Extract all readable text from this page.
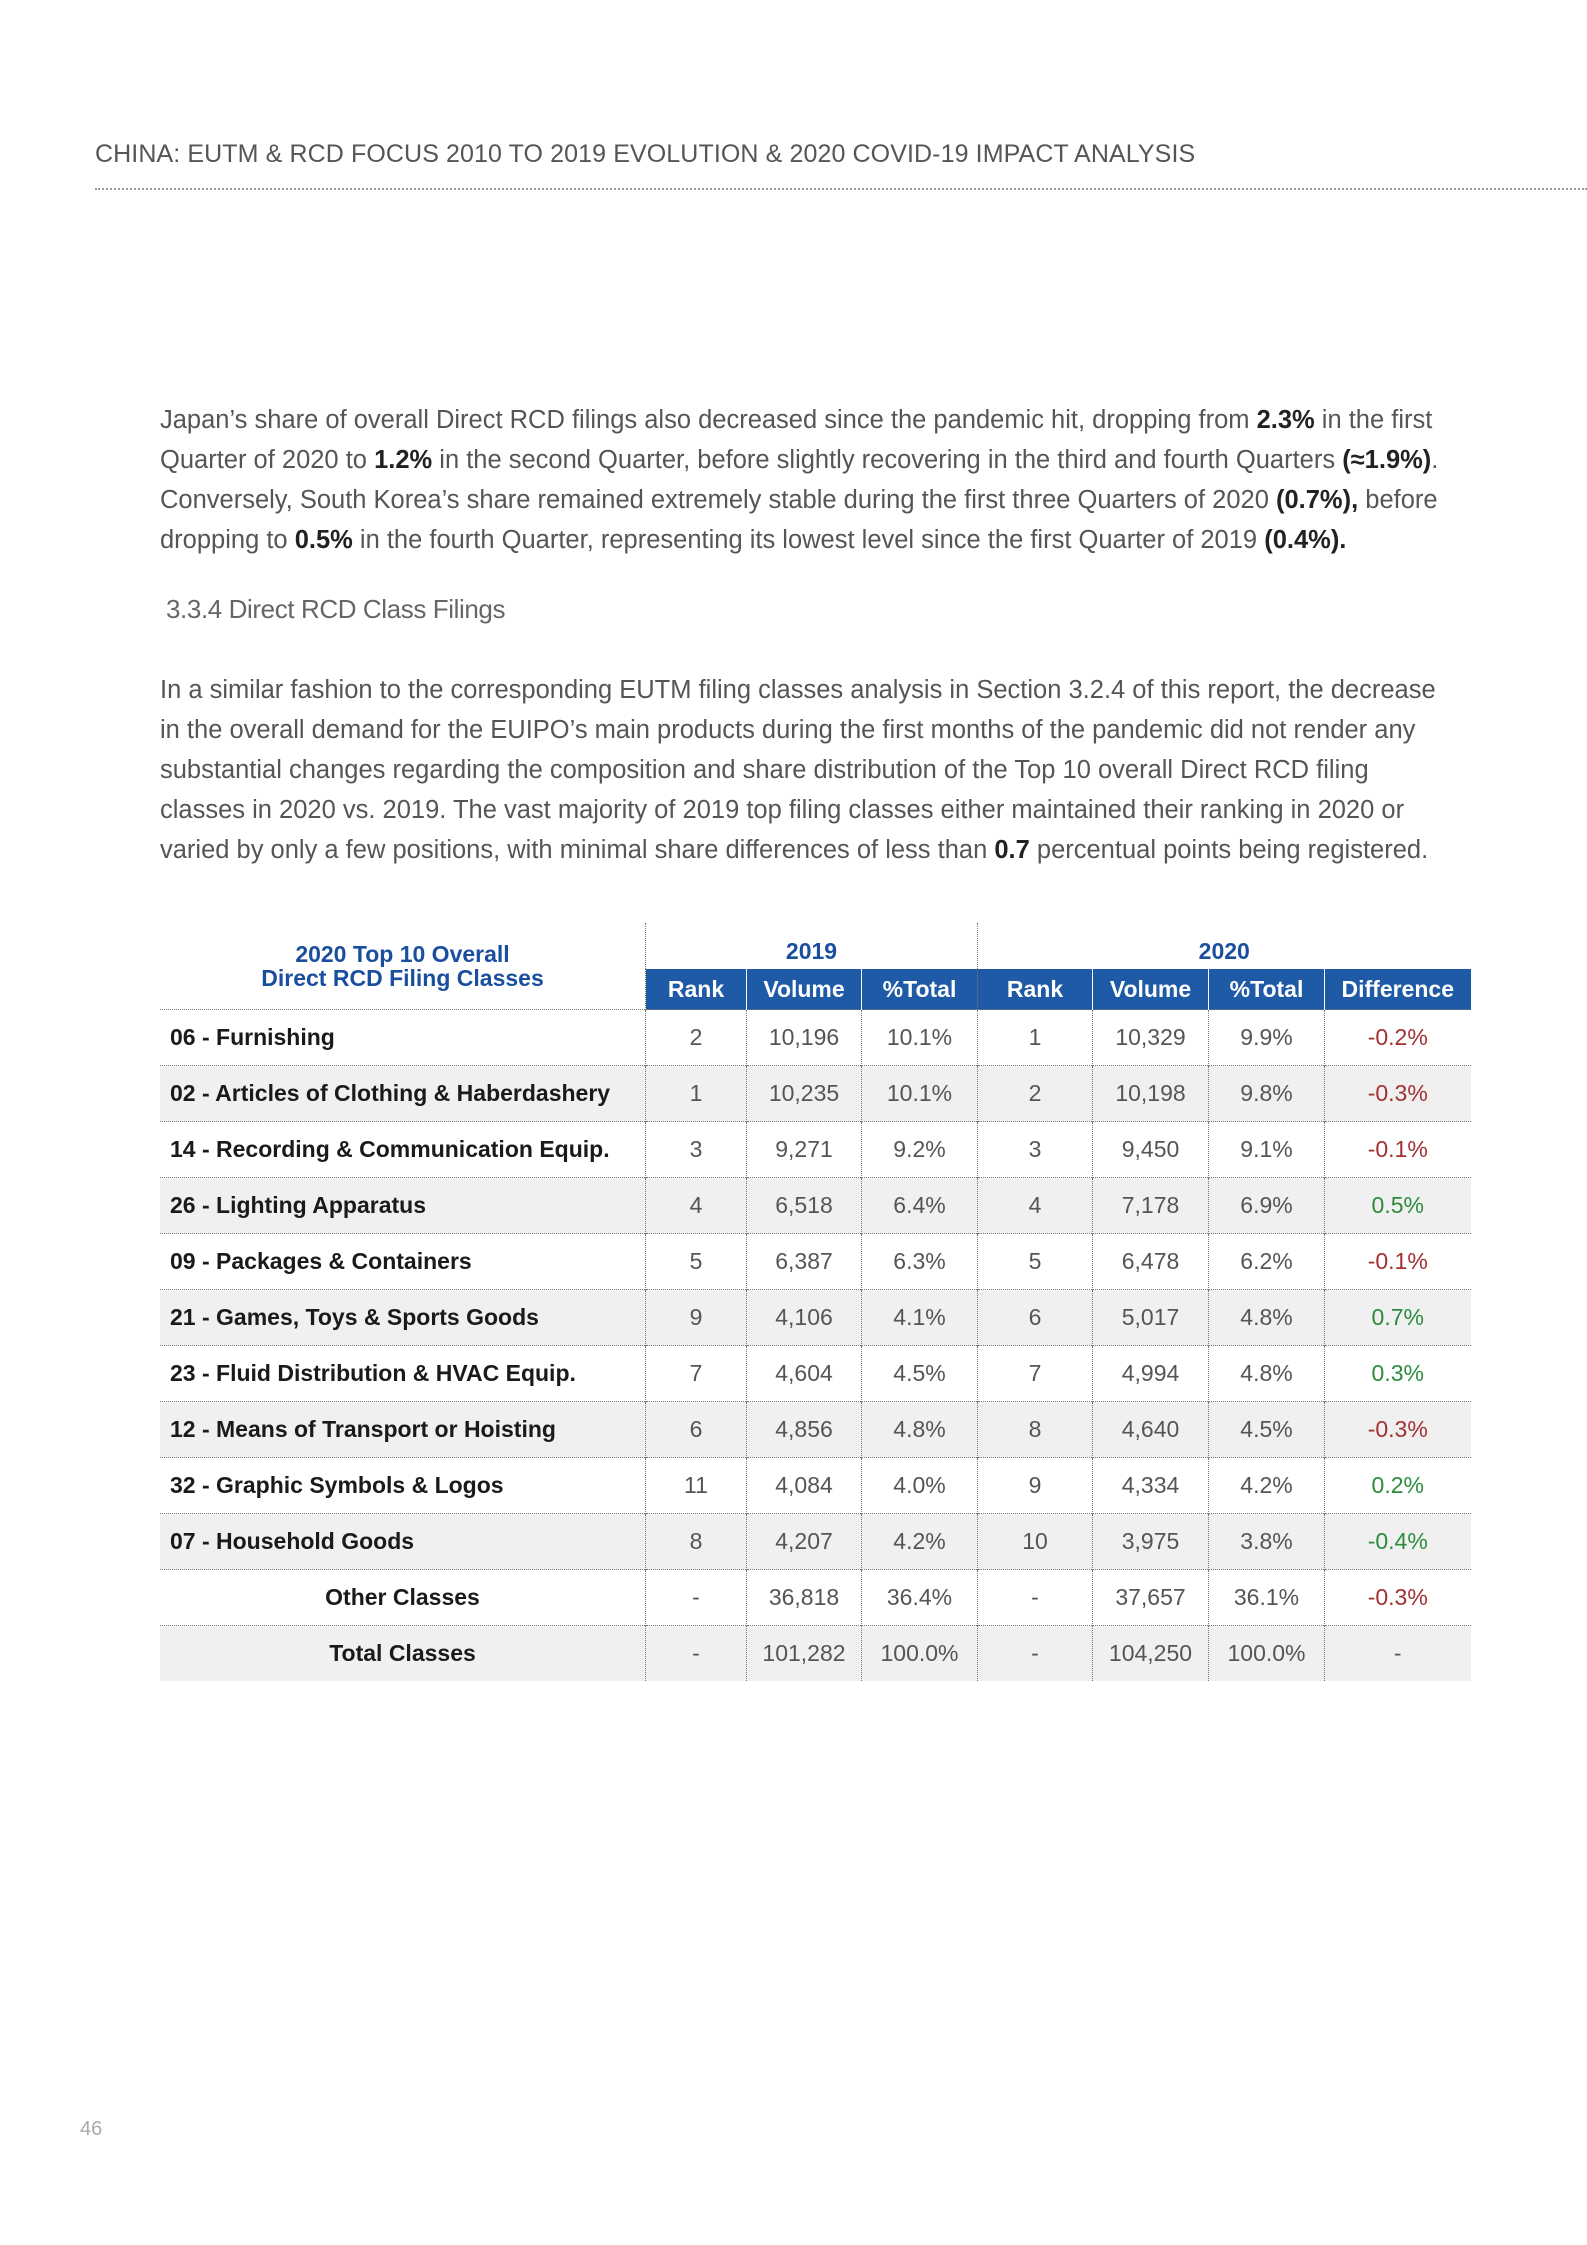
CHINA: EUTM & RCD FOCUS 2010 TO 2019 EVOLUTION & 2020 COVID-19 IMPACT ANALYSIS

Japan’s share of overall Direct RCD filings also decreased since the pandemic hit, dropping from 2.3% in the first Quarter of 2020 to 1.2% in the second Quarter, before slightly recovering in the third and fourth Quarters (≈1.9%). Conversely, South Korea’s share remained extremely stable during the first three Quarters of 2020 (0.7%), before dropping to 0.5% in the fourth Quarter, representing its lowest level since the first Quarter of 2019 (0.4%).

3.3.4 Direct RCD Class Filings

In a similar fashion to the corresponding EUTM filing classes analysis in Section 3.2.4 of this report, the decrease in the overall demand for the EUIPO’s main products during the first months of the pandemic did not render any substantial changes regarding the composition and share distribution of the Top 10 overall Direct RCD filing classes in 2020 vs. 2019. The vast majority of 2019 top filing classes either maintained their ranking in 2020 or varied by only a few positions, with minimal share differences of less than 0.7 percentual points being registered.

2020 Top 10 Overall
Direct RCD Filing Classes	2019			2020			
	Rank	Volume	%Total	Rank	Volume	%Total	Difference
06 - Furnishing	2	10,196	10.1%	1	10,329	9.9%	-0.2%
02 - Articles of Clothing & Haberdashery	1	10,235	10.1%	2	10,198	9.8%	-0.3%
14 - Recording & Communication Equip.	3	9,271	9.2%	3	9,450	9.1%	-0.1%
26 - Lighting Apparatus	4	6,518	6.4%	4	7,178	6.9%	0.5%
09 - Packages & Containers	5	6,387	6.3%	5	6,478	6.2%	-0.1%
21 - Games, Toys & Sports Goods	9	4,106	4.1%	6	5,017	4.8%	0.7%
23 - Fluid Distribution & HVAC Equip.	7	4,604	4.5%	7	4,994	4.8%	0.3%
12 - Means of Transport or Hoisting	6	4,856	4.8%	8	4,640	4.5%	-0.3%
32 - Graphic Symbols & Logos	11	4,084	4.0%	9	4,334	4.2%	0.2%
07 - Household Goods	8	4,207	4.2%	10	3,975	3.8%	-0.4%
Other Classes	-	36,818	36.4%	-	37,657	36.1%	-0.3%
Total Classes	-	101,282	100.0%	-	104,250	100.0%	-
46
